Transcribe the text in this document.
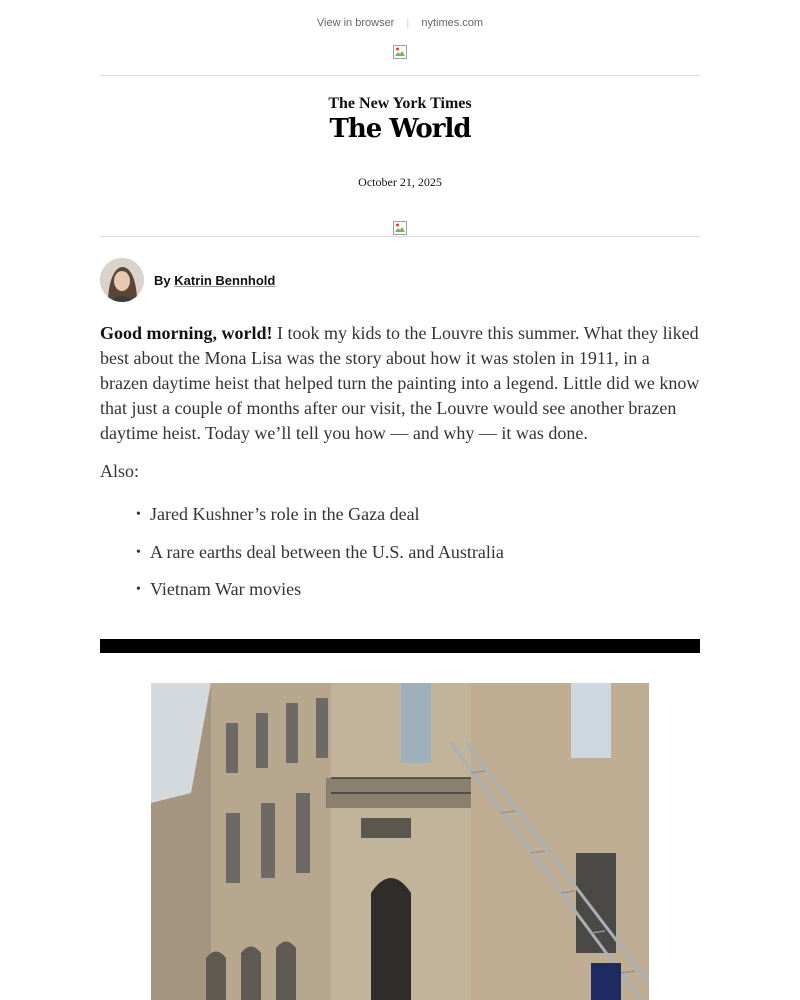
View in browser | nytimes.com
The New York Times
The World
October 21, 2025
By Katrin Bennhold

Good morning, world! I took my kids to the Louvre this summer. What they liked best about the Mona Lisa was the story about how it was stolen in 1911, in a brazen daytime heist that helped turn the painting into a legend. Little did we know that just a couple of months after our visit, the Louvre would see another brazen daytime heist. Today we’ll tell you how — and why — it was done.

Also:

• Jared Kushner’s role in the Gaza deal
• A rare earths deal between the U.S. and Australia
• Vietnam War movies
